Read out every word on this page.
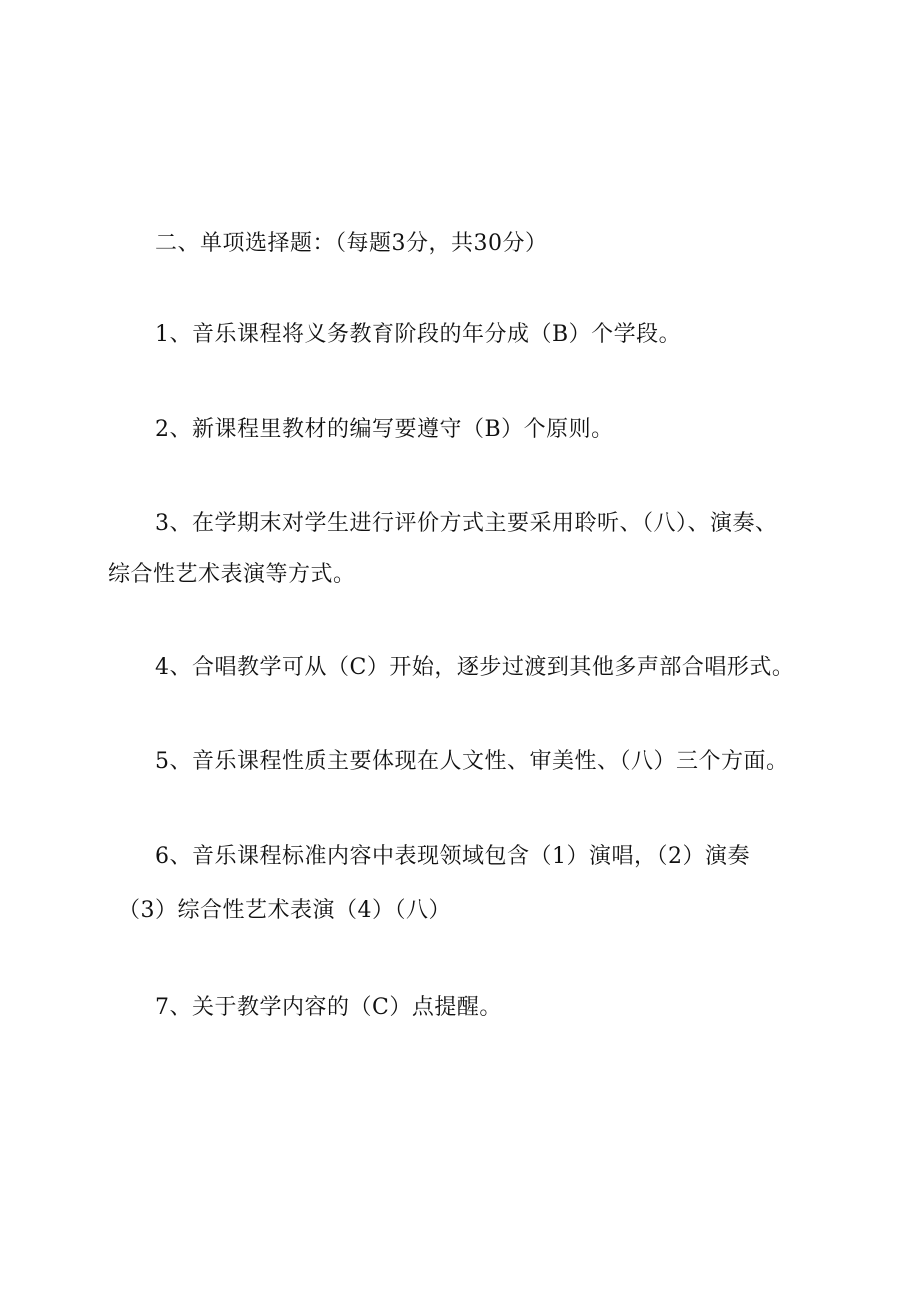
二、单项选择题：（每题3分，共30分）

1、音乐课程将义务教育阶段的年分成（B）个学段。

2、新课程里教材的编写要遵守（B）个原则。

3、在学期末对学生进行评价方式主要采用聆听、（八）、演奏、

综合性艺术表演等方式。

4、合唱教学可从（C）开始，逐步过渡到其他多声部合唱形式。

5、音乐课程性质主要体现在人文性、审美性、（八）三个方面。

6、音乐课程标准内容中表现领域包含（1）演唱，（2）演奏

（3）综合性艺术表演（4）（八）

7、关于教学内容的（C）点提醒。
